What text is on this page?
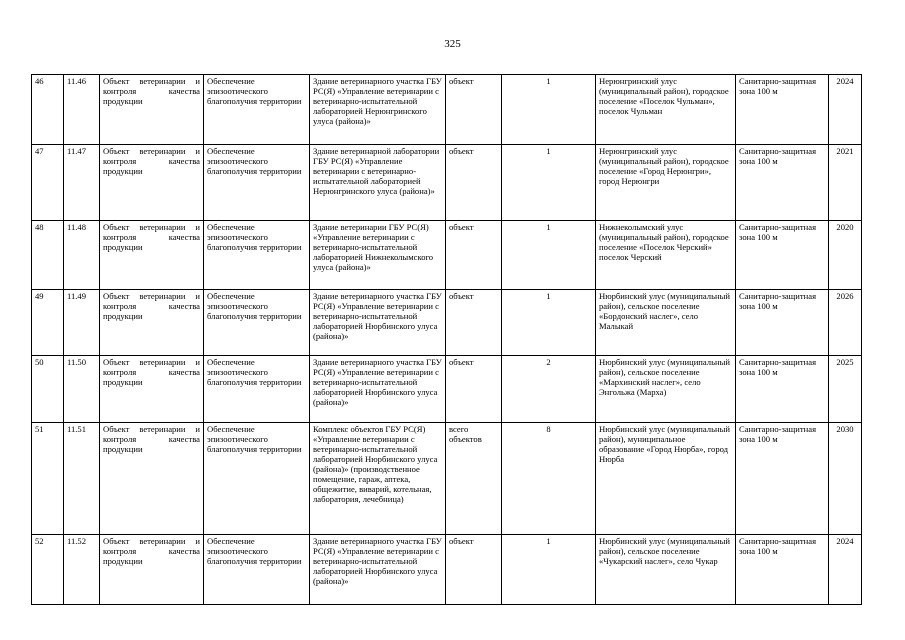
325
46	11.46	Объект ветеринарии и контроля качества продукции	Обеспечение эпизоотического благополучия территории	Здание ветеринарного участка ГБУ РС(Я) «Управление ветеринарии с ветеринарно-испытательной лабораторией Нерюнгринского улуса (района)»	объект	1	Нерюнгринский улус (муниципальный район), городское поселение «Поселок Чульман», поселок Чульман	Санитарно-защитная зона 100 м	2024
47	11.47	Объект ветеринарии и контроля качества продукции	Обеспечение эпизоотического благополучия территории	Здание ветеринарной лаборатории ГБУ РС(Я) «Управление ветеринарии с ветеринарно-испытательной лабораторией Нерюнгринского улуса (района)»	объект	1	Нерюнгринский улус (муниципальный район), городское поселение «Город Нерюнгри», город Нерюнгри	Санитарно-защитная зона 100 м	2021
48	11.48	Объект ветеринарии и контроля качества продукции	Обеспечение эпизоотического благополучия территории	Здание ветеринарии ГБУ РС(Я) «Управление ветеринарии с ветеринарно-испытательной лабораторией Нижнеколымского улуса (района)»	объект	1	Нижнеколымский улус (муниципальный район), городское поселение «Поселок Черский» поселок Черский	Санитарно-защитная зона 100 м	2020
49	11.49	Объект ветеринарии и контроля качества продукции	Обеспечение эпизоотического благополучия территории	Здание ветеринарного участка ГБУ РС(Я) «Управление ветеринарии с ветеринарно-испытательной лабораторией Нюрбинского улуса (района)»	объект	1	Нюрбинский улус (муниципальный район), сельское поселение «Бордонский наслег», село Малыкай	Санитарно-защитная зона 100 м	2026
50	11.50	Объект ветеринарии и контроля качества продукции	Обеспечение эпизоотического благополучия территории	Здание ветеринарного участка ГБУ РС(Я) «Управление ветеринарии с ветеринарно-испытательной лабораторией Нюрбинского улуса (района)»	объект	2	Нюрбинский улус (муниципальный район), сельское поселение «Мархинский наслег», село Энгольжа (Марха)	Санитарно-защитная зона 100 м	2025
51	11.51	Объект ветеринарии и контроля качества продукции	Обеспечение эпизоотического благополучия территории	Комплекс объектов ГБУ РС(Я) «Управление ветеринарии с ветеринарно-испытательной лабораторией Нюрбинского улуса (района)» (производственное помещение, гараж, аптека, общежитие, виварий, котельная, лаборатория, лечебница)	всего объектов	8	Нюрбинский улус (муниципальный район), муниципальное образование «Город Нюрба», город Нюрба	Санитарно-защитная зона 100 м	2030
52	11.52	Объект ветеринарии и контроля качества продукции	Обеспечение эпизоотического благополучия территории	Здание ветеринарного участка ГБУ РС(Я) «Управление ветеринарии с ветеринарно-испытательной лабораторией Нюрбинского улуса (района)»	объект	1	Нюрбинский улус (муниципальный район), сельское поселение «Чукарский наслег», село Чукар	Санитарно-защитная зона 100 м	2024
